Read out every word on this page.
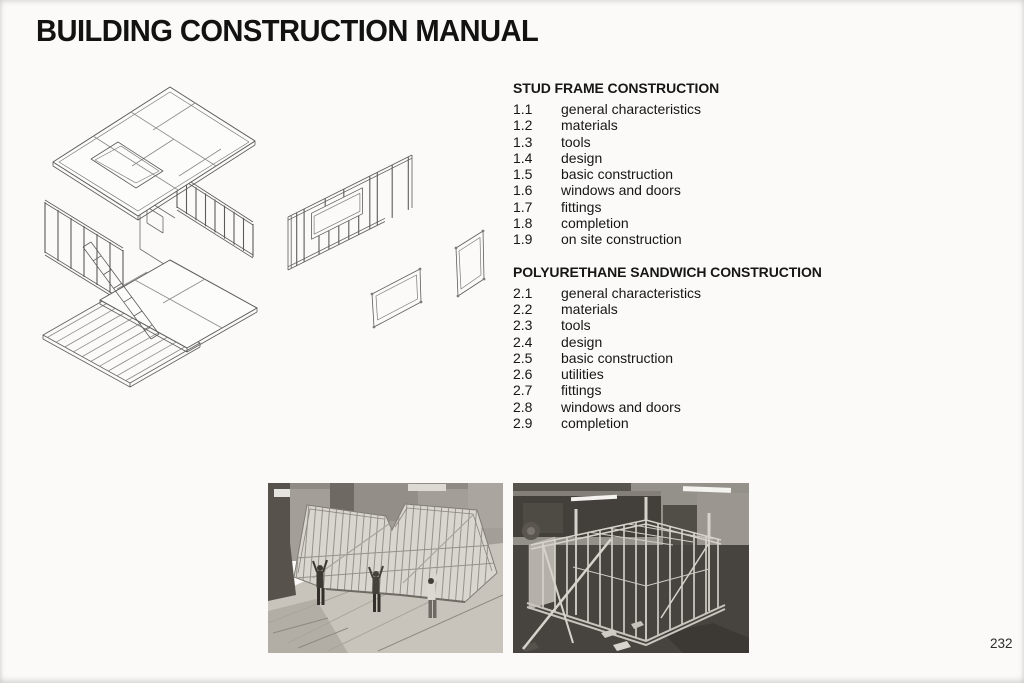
BUILDING CONSTRUCTION MANUAL
STUD FRAME CONSTRUCTION
1.1	general characteristics
1.2	materials
1.3	tools
1.4	design
1.5	basic construction
1.6	windows and doors
1.7	fittings
1.8	completion
1.9	on site construction
POLYURETHANE SANDWICH CONSTRUCTION
2.1	general characteristics
2.2	materials
2.3	tools
2.4	design
2.5	basic construction
2.6	utilities
2.7	fittings
2.8	windows and doors
2.9	completion
232
